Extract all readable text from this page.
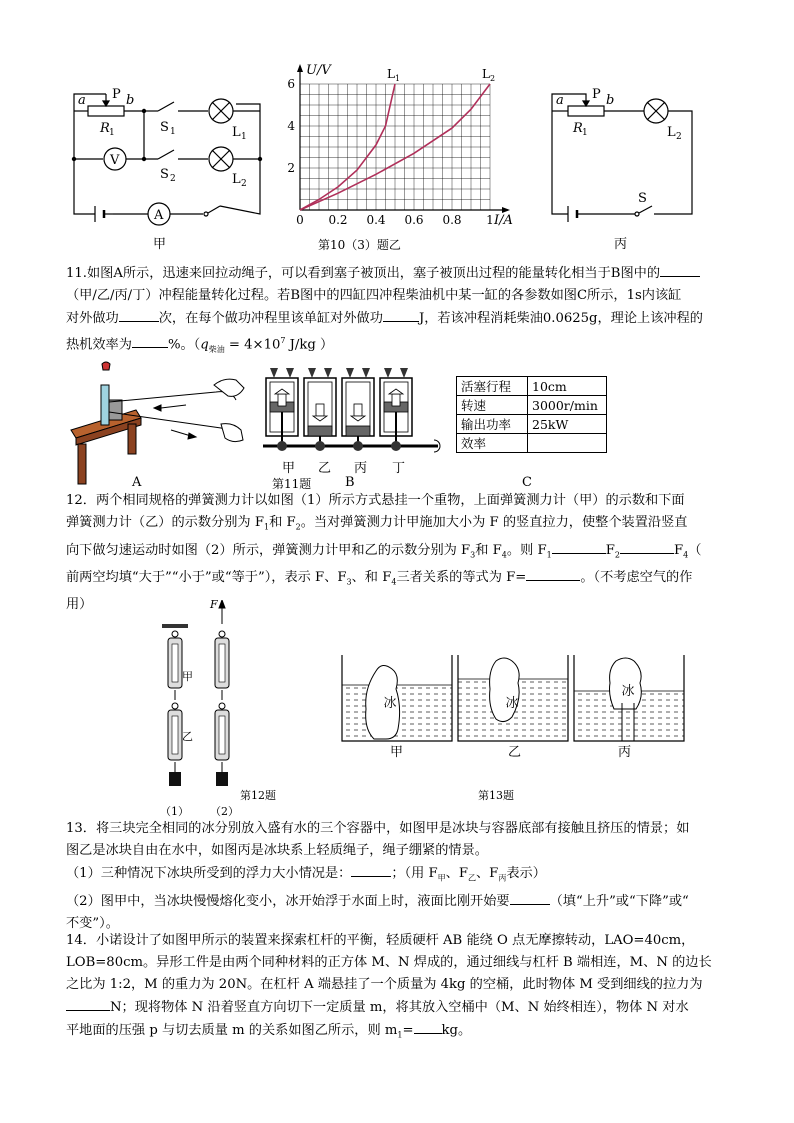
a P b
R 1	S 1	L 1
V
S 2	L 2
A
甲
0 0.2 0.4 0.6 0.8 1
2
4
6
U/V
I/A
L 1	L 2
第10（3）题乙
a P b
R 1	L 2
S
丙
11.如图A所示，迅速来回拉动绳子，可以看到塞子被顶出，塞子被顶出过程的能量转化相当于B图中的
（甲/乙/丙/丁）冲程能量转化过程。若B图中的四缸四冲程柴油机中某一缸的各参数如图C所示，1s内该缸
对外做功	次，在每个做功冲程里该单缸对外做功	J，若该冲程消耗柴油0.0625g，理论上该冲程的
热机效率为	%。（$q_{柴油} = 4\times 10^7$ J/kg ）
A
甲 乙 丙 丁
第11题	B
活塞行程	10cm
转速	3000r/min
输出功率	25kW
效率	
C
12．两个相同规格的弹簧测力计以如图（1）所示方式悬挂一个重物，上面弹簧测力计（甲）的示数和下面
弹簧测力计（乙）的示数分别为 $F_1$和 $F_2$。当对弹簧测力计甲施加大小为 F 的竖直拉力，使整个装置沿竖直
向下做匀速运动时如图（2）所示，弹簧测力计甲和乙的示数分别为 $F_3$和 $F_4$。则 $F_1$	$F_2$	$F_4$（
前两空均填“大于”“小于”或“等于”），表示 F、$F_3$、和 $F_4$三者关系的等式为 F=	。（不考虑空气的作
用）	F
甲
乙
（1） （2）
第12题
冰	冰
冰
甲	乙	丙
第13题
13．将三块完全相同的冰分别放入盛有水的三个容器中，如图甲是冰块与容器底部有接触且挤压的情景；如
图乙是冰块自由在水中，如图丙是冰块系上轻质绳子，绳子绷紧的情景。
（1）三种情况下冰块所受到的浮力大小情况是：	；（用 $F_甲$、$F_乙$、$F_丙$表示）
（2）图甲中，当冰块慢慢熔化变小，冰开始浮于水面上时，液面比刚开始要	（填“上升”或“下降”或“
不变”）。
14．小诺设计了如图甲所示的装置来探索杠杆的平衡，轻质硬杆 AB 能绕 O 点无摩擦转动，LAO=40cm，
LOB=80cm。异形工件是由两个同种材料的正方体 M、N 焊成的，通过细线与杠杆 B 端相连，M、N 的边长
之比为 1:2，M 的重力为 20N。在杠杆 A 端悬挂了一个质量为 4kg 的空桶，此时物体 M 受到细线的拉力为
N；现将物体 N 沿着竖直方向切下一定质量 m，将其放入空桶中（M、N 始终相连），物体 N 对水
平地面的压强 p 与切去质量 m 的关系如图乙所示，则 $m_1=$ kg。
